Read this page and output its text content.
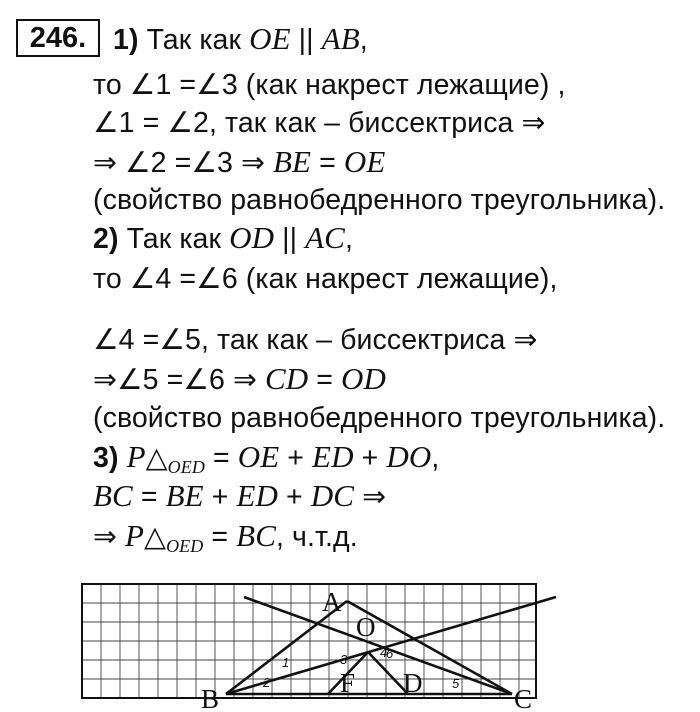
246. 1) Так как OE || AB,
то ∠1 =∠3 (как накрест лежащие) ,
∠1 = ∠2, так как – биссектриса ⇒
⇒ ∠2 =∠3 ⇒ BE = OE
(свойство равнобедренного треугольника).
2) Так как OD || AC,
то ∠4 =∠6 (как накрест лежащие),
∠4 =∠5, так как – биссектриса ⇒
⇒∠5 =∠6 ⇒ CD = OD
(свойство равнобедренного треугольника).
3) $P\triangle_{OED}$ = OE + ED + DO,
BC = BE + ED + DC ⇒
⇒ $P\triangle_{OED}$ = BC, ч.т.д.
A
O
B
F D
C
1
2
3	4
5
6
